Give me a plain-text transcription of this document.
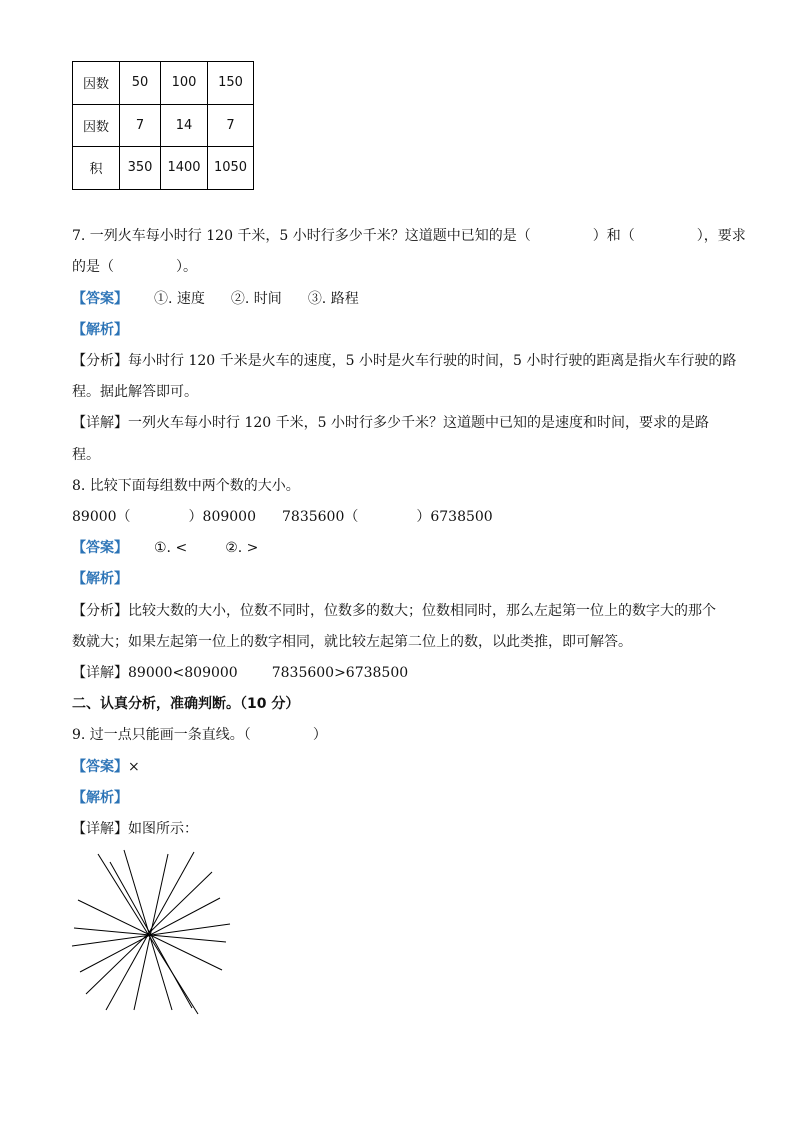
因数	50	100	150
因数	7	14	7
积	350	1400	1050
7. 一列火车每小时行 120 千米，5 小时行多少千米？这道题中已知的是（	）和（	），要求
的是（	）。
【答案】 ①. 速度 ②. 时间 ③. 路程
【解析】
【分析】每小时行 120 千米是火车的速度，5 小时是火车行驶的时间，5 小时行驶的距离是指火车行驶的路
程。据此解答即可。
【详解】一列火车每小时行 120 千米，5 小时行多少千米？这道题中已知的是速度和时间，要求的是路
程。
8. 比较下面每组数中两个数的大小。
89000（	）809000 7835600（	）6738500
【答案】 ①. <	②. >
【解析】
【分析】比较大数的大小，位数不同时，位数多的数大；位数相同时，那么左起第一位上的数字大的那个
数就大；如果左起第一位上的数字相同，就比较左起第二位上的数，以此类推，即可解答。
【详解】89000<809000 7835600>6738500
二、认真分析，准确判断。（10 分）
9. 过一点只能画一条直线。（	）
【答案】×
【解析】
【详解】如图所示：
